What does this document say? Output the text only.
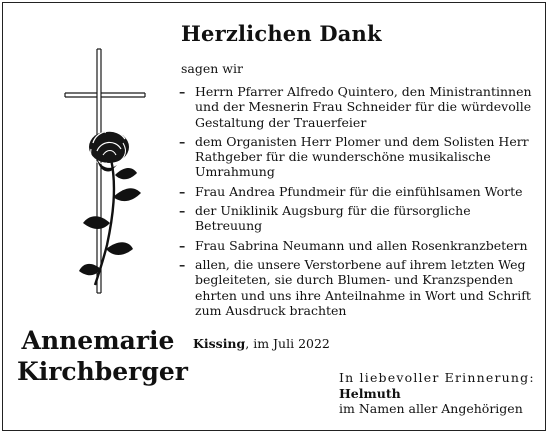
Herzlichen Dank
sagen wir
– Herrn Pfarrer Alfredo Quintero, den Ministrantinnen und der Mesnerin Frau Schneider für die würdevolle Gestaltung der Trauerfeier
– dem Organisten Herr Plomer und dem Solisten Herr Rathgeber für die wunderschöne musikalische Umrahmung
– Frau Andrea Pfundmeir für die einfühlsamen Worte
– der Uniklinik Augsburg für die fürsorgliche Betreuung
– Frau Sabrina Neumann und allen Rosenkranzbetern
– allen, die unsere Verstorbene auf ihrem letzten Weg begleiteten, sie durch Blumen- und Kranzspenden ehrten und uns ihre Anteilnahme in Wort und Schrift zum Ausdruck brachten
Annemarie
Kirchberger
Kissing, im Juli 2022
In liebevoller Erinnerung:
Helmuth
im Namen aller Angehörigen
